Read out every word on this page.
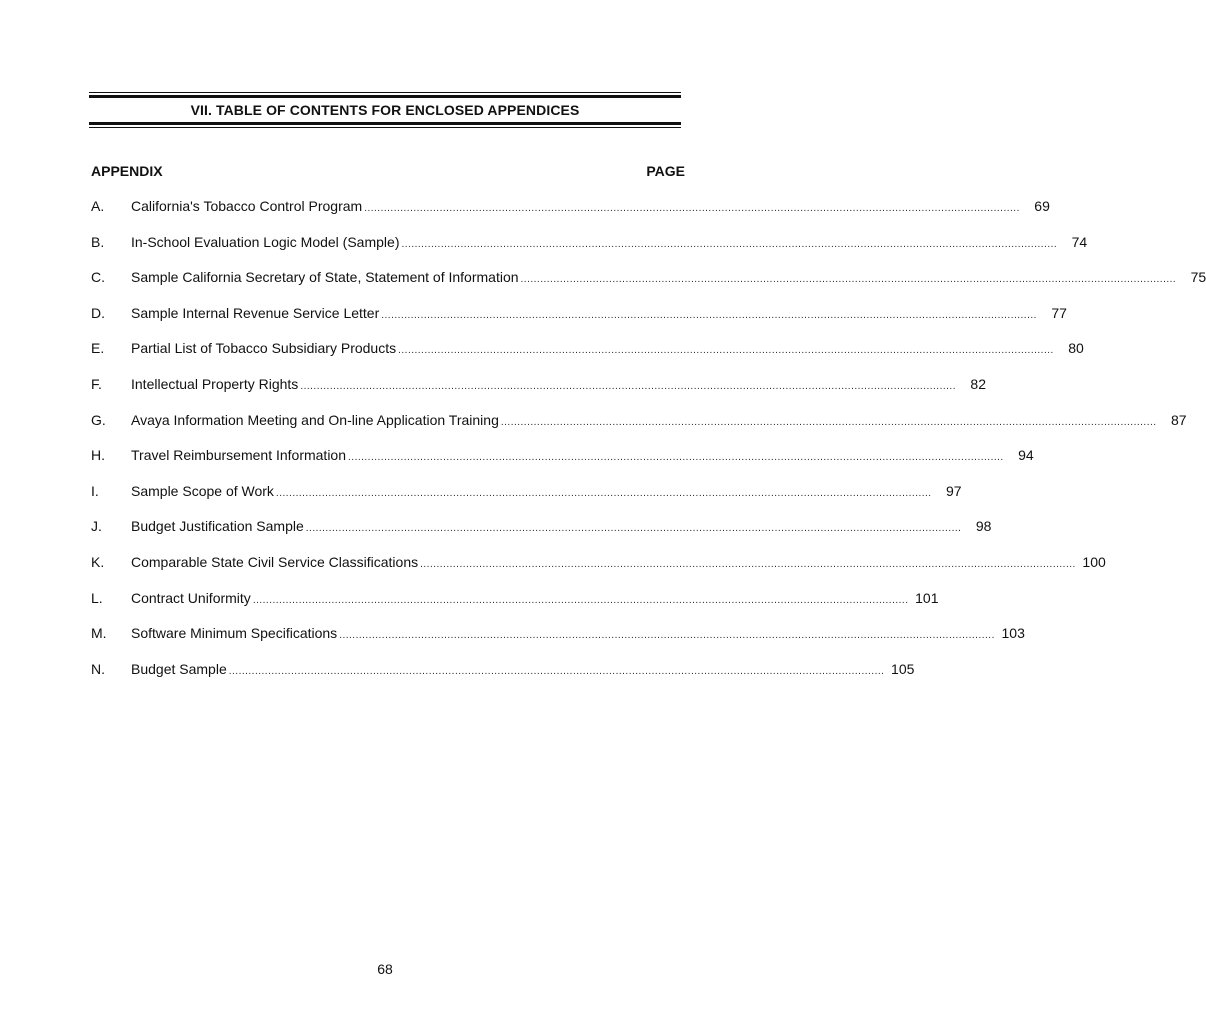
VII. TABLE OF CONTENTS FOR ENCLOSED APPENDICES
APPENDIX	PAGE
A. California's Tobacco Control Program ........................................................................................................................................................................................................	69
B. In-School Evaluation Logic Model (Sample) ........................................................................................................................................................................................................	74
C. Sample California Secretary of State, Statement of Information ........................................................................................................................................................................................................	75
D. Sample Internal Revenue Service Letter ........................................................................................................................................................................................................	77
E. Partial List of Tobacco Subsidiary Products ........................................................................................................................................................................................................	80
F. Intellectual Property Rights ........................................................................................................................................................................................................	82
G. Avaya Information Meeting and On-line Application Training ........................................................................................................................................................................................................	87
H. Travel Reimbursement Information ........................................................................................................................................................................................................	94
I. Sample Scope of Work ........................................................................................................................................................................................................	97
J. Budget Justification Sample ........................................................................................................................................................................................................	98
K. Comparable State Civil Service Classifications ........................................................................................................................................................................................................ 100
L. Contract Uniformity ........................................................................................................................................................................................................ 101
M. Software Minimum Specifications ........................................................................................................................................................................................................ 103
N. Budget Sample ........................................................................................................................................................................................................ 105
68
